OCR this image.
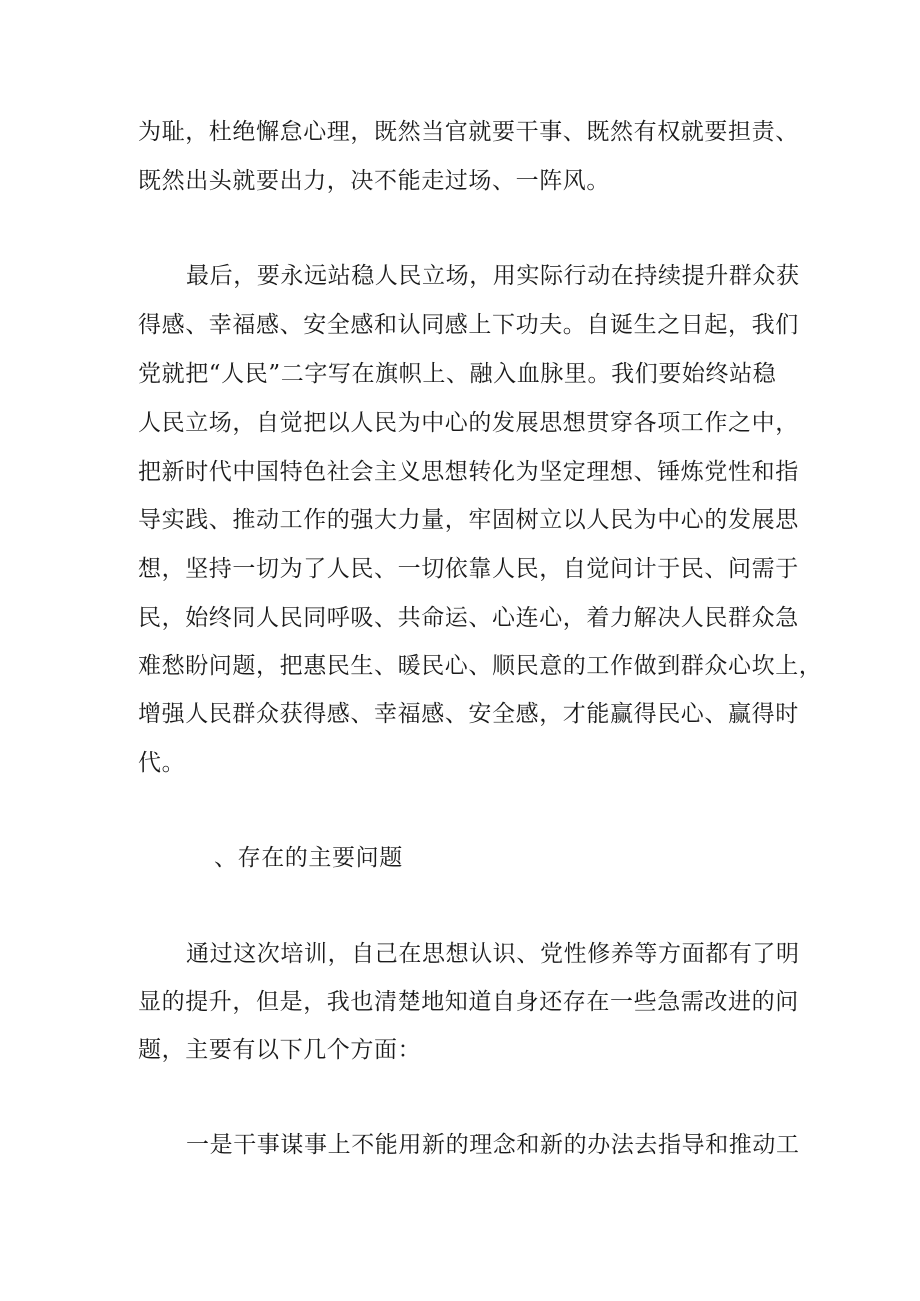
为耻，杜绝懈怠心理，既然当官就要干事、既然有权就要担责、
既然出头就要出力，决不能走过场、一阵风。
最后，要永远站稳人民立场，用实际行动在持续提升群众获
得感、幸福感、安全感和认同感上下功夫。自诞生之日起，我们
党就把“人民”二字写在旗帜上、融入血脉里。我们要始终站稳
人民立场，自觉把以人民为中心的发展思想贯穿各项工作之中，
把新时代中国特色社会主义思想转化为坚定理想、锤炼党性和指
导实践、推动工作的强大力量，牢固树立以人民为中心的发展思
想，坚持一切为了人民、一切依靠人民，自觉问计于民、问需于
民，始终同人民同呼吸、共命运、心连心，着力解决人民群众急
难愁盼问题，把惠民生、暖民心、顺民意的工作做到群众心坎上，
增强人民群众获得感、幸福感、安全感，才能赢得民心、赢得时
代。
、存在的主要问题
通过这次培训，自己在思想认识、党性修养等方面都有了明
显的提升，但是，我也清楚地知道自身还存在一些急需改进的问
题，主要有以下几个方面：
一是干事谋事上不能用新的理念和新的办法去指导和推动工
